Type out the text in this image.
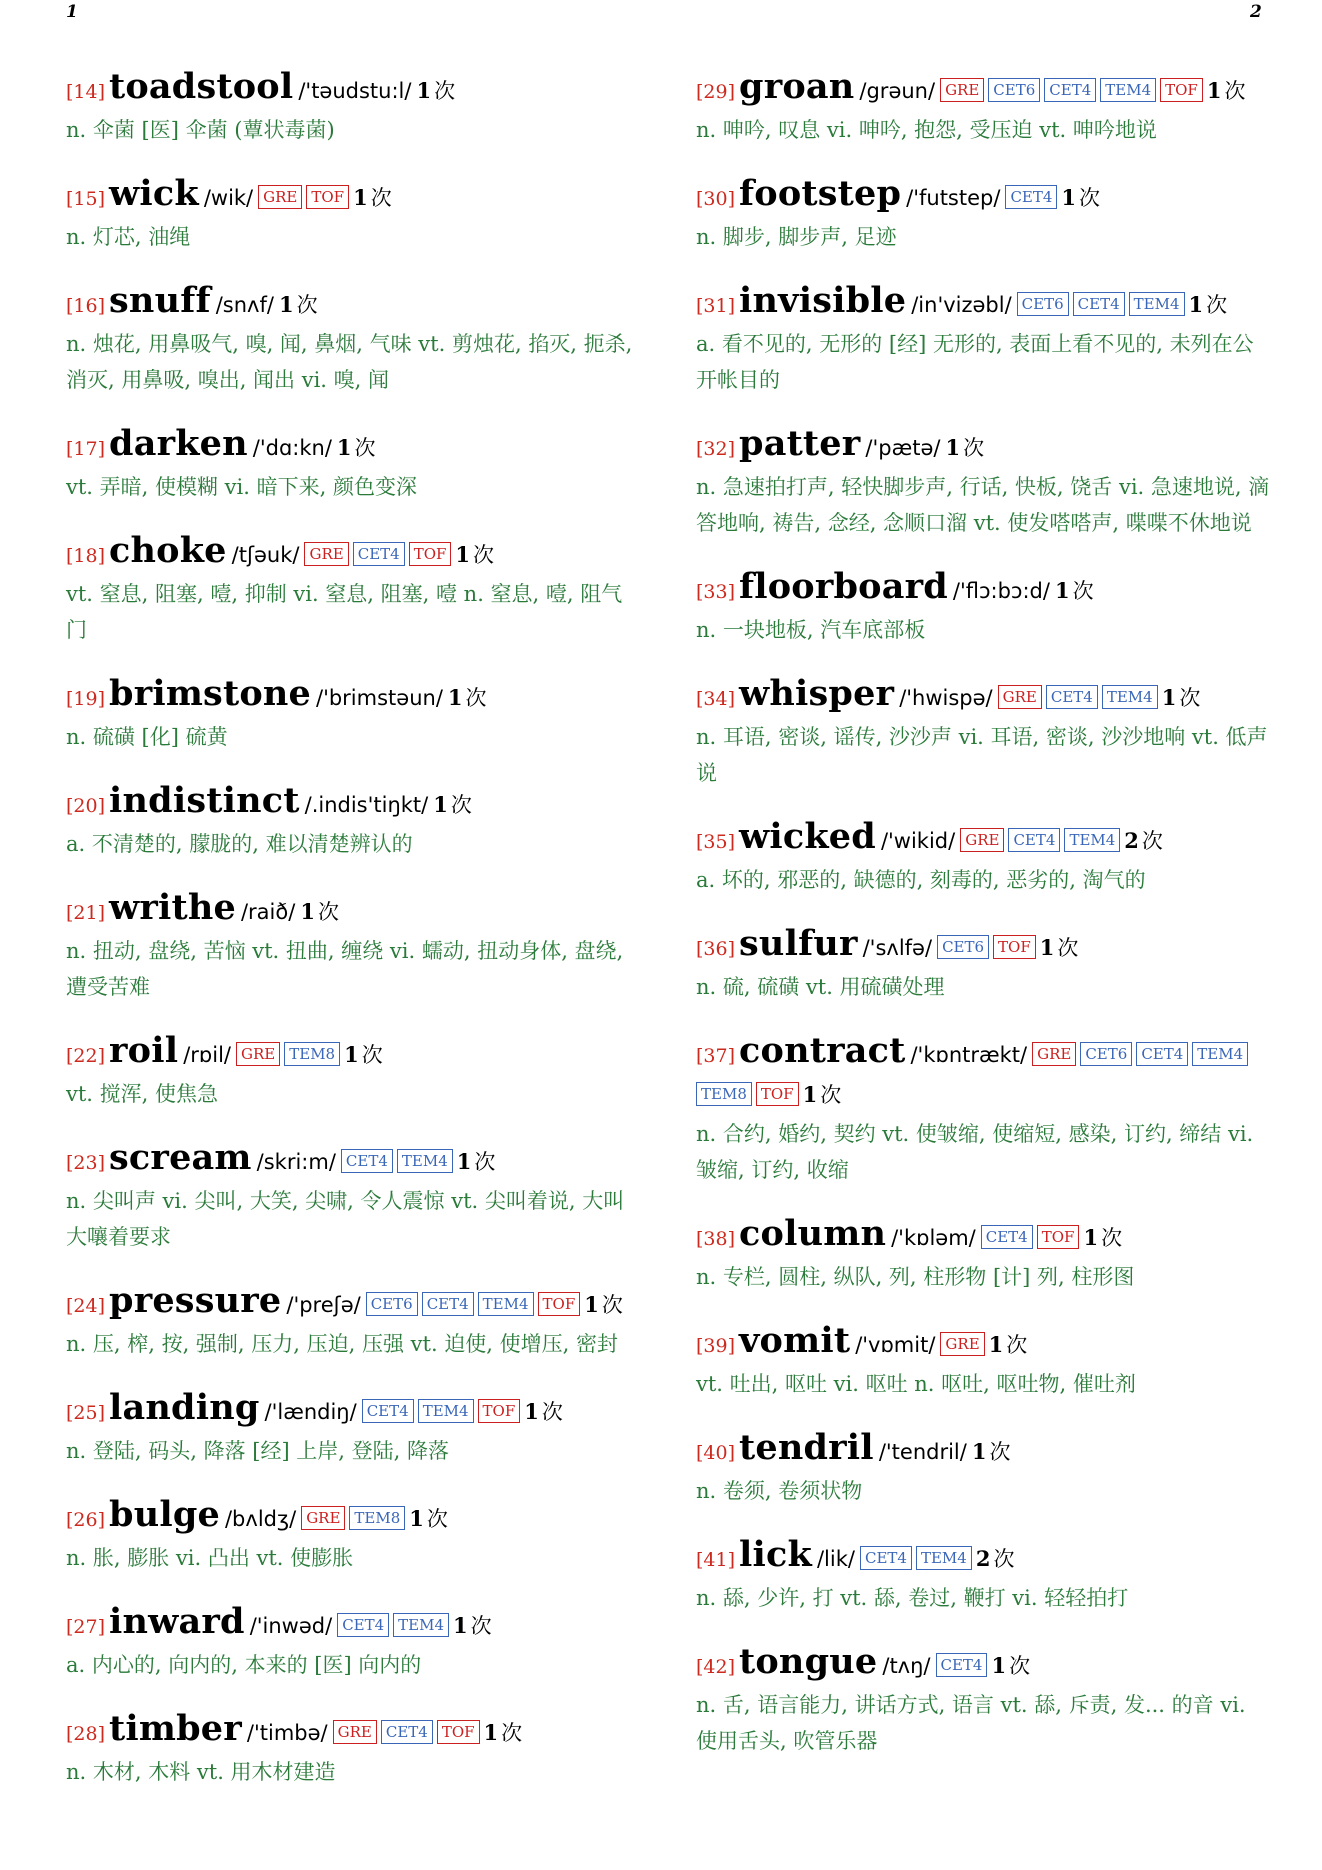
1	2
[14] toadstool /'təudstu:l/ 1 次
n. 伞菌 [医] 伞菌 (蕈状毒菌)
[15] wick /wik/ GRE TOF 1 次
n. 灯芯, 油绳
[16] snuff /snʌf/ 1 次
n. 烛花, 用鼻吸气, 嗅, 闻, 鼻烟, 气味 vt. 剪烛花, 掐灭, 扼杀, 消灭, 用鼻吸, 嗅出, 闻出 vi. 嗅, 闻
[17] darken /'dɑ:kn/ 1 次
vt. 弄暗, 使模糊 vi. 暗下来, 颜色变深
[18] choke /tʃəuk/ GRE CET4 TOF 1 次
vt. 窒息, 阻塞, 噎, 抑制 vi. 窒息, 阻塞, 噎 n. 窒息, 噎, 阻气门
[19] brimstone /'brimstəun/ 1 次
n. 硫磺 [化] 硫黄
[20] indistinct /.indis'tiŋkt/ 1 次
a. 不清楚的, 朦胧的, 难以清楚辨认的
[21] writhe /raið/ 1 次
n. 扭动, 盘绕, 苦恼 vt. 扭曲, 缠绕 vi. 蠕动, 扭动身体, 盘绕, 遭受苦难
[22] roil /rɒil/ GRE TEM8 1 次
vt. 搅浑, 使焦急
[23] scream /skri:m/ CET4 TEM4 1 次
n. 尖叫声 vi. 尖叫, 大笑, 尖啸, 令人震惊 vt. 尖叫着说, 大叫大嚷着要求
[24] pressure /'preʃə/ CET6 CET4 TEM4 TOF 1 次
n. 压, 榨, 按, 强制, 压力, 压迫, 压强 vt. 迫使, 使增压, 密封
[25] landing /'lændiŋ/ CET4 TEM4 TOF 1 次
n. 登陆, 码头, 降落 [经] 上岸, 登陆, 降落
[26] bulge /bʌldʒ/ GRE TEM8 1 次
n. 胀, 膨胀 vi. 凸出 vt. 使膨胀
[27] inward /'inwəd/ CET4 TEM4 1 次
a. 内心的, 向内的, 本来的 [医] 向内的
[28] timber /'timbə/ GRE CET4 TOF 1 次
n. 木材, 木料 vt. 用木材建造
[29] groan /grəun/ GRE CET6 CET4 TEM4 TOF 1 次
n. 呻吟, 叹息 vi. 呻吟, 抱怨, 受压迫 vt. 呻吟地说
[30] footstep /'futstep/ CET4 1 次
n. 脚步, 脚步声, 足迹
[31] invisible /in'vizəbl/ CET6 CET4 TEM4 1 次
a. 看不见的, 无形的 [经] 无形的, 表面上看不见的, 未列在公开帐目的
[32] patter /'pætə/ 1 次
n. 急速拍打声, 轻快脚步声, 行话, 快板, 饶舌 vi. 急速地说, 滴答地响, 祷告, 念经, 念顺口溜 vt. 使发嗒嗒声, 喋喋不休地说
[33] floorboard /'flɔ:bɔ:d/ 1 次
n. 一块地板, 汽车底部板
[34] whisper /'hwispə/ GRE CET4 TEM4 1 次
n. 耳语, 密谈, 谣传, 沙沙声 vi. 耳语, 密谈, 沙沙地响 vt. 低声说
[35] wicked /'wikid/ GRE CET4 TEM4 2 次
a. 坏的, 邪恶的, 缺德的, 刻毒的, 恶劣的, 淘气的
[36] sulfur /'sʌlfə/ CET6 TOF 1 次
n. 硫, 硫磺 vt. 用硫磺处理
[37] contract /'kɒntrækt/ GRE CET6 CET4 TEM4TEM8 TOF 1 次
n. 合约, 婚约, 契约 vt. 使皱缩, 使缩短, 感染, 订约, 缔结 vi. 皱缩, 订约, 收缩
[38] column /'kɒləm/ CET4 TOF 1 次
n. 专栏, 圆柱, 纵队, 列, 柱形物 [计] 列, 柱形图
[39] vomit /'vɒmit/ GRE 1 次
vt. 吐出, 呕吐 vi. 呕吐 n. 呕吐, 呕吐物, 催吐剂
[40] tendril /'tendril/ 1 次
n. 卷须, 卷须状物
[41] lick /lik/ CET4 TEM4 2 次
n. 舔, 少许, 打 vt. 舔, 卷过, 鞭打 vi. 轻轻拍打
[42] tongue /tʌŋ/ CET4 1 次
n. 舌, 语言能力, 讲话方式, 语言 vt. 舔, 斥责, 发... 的音 vi. 使用舌头, 吹管乐器
